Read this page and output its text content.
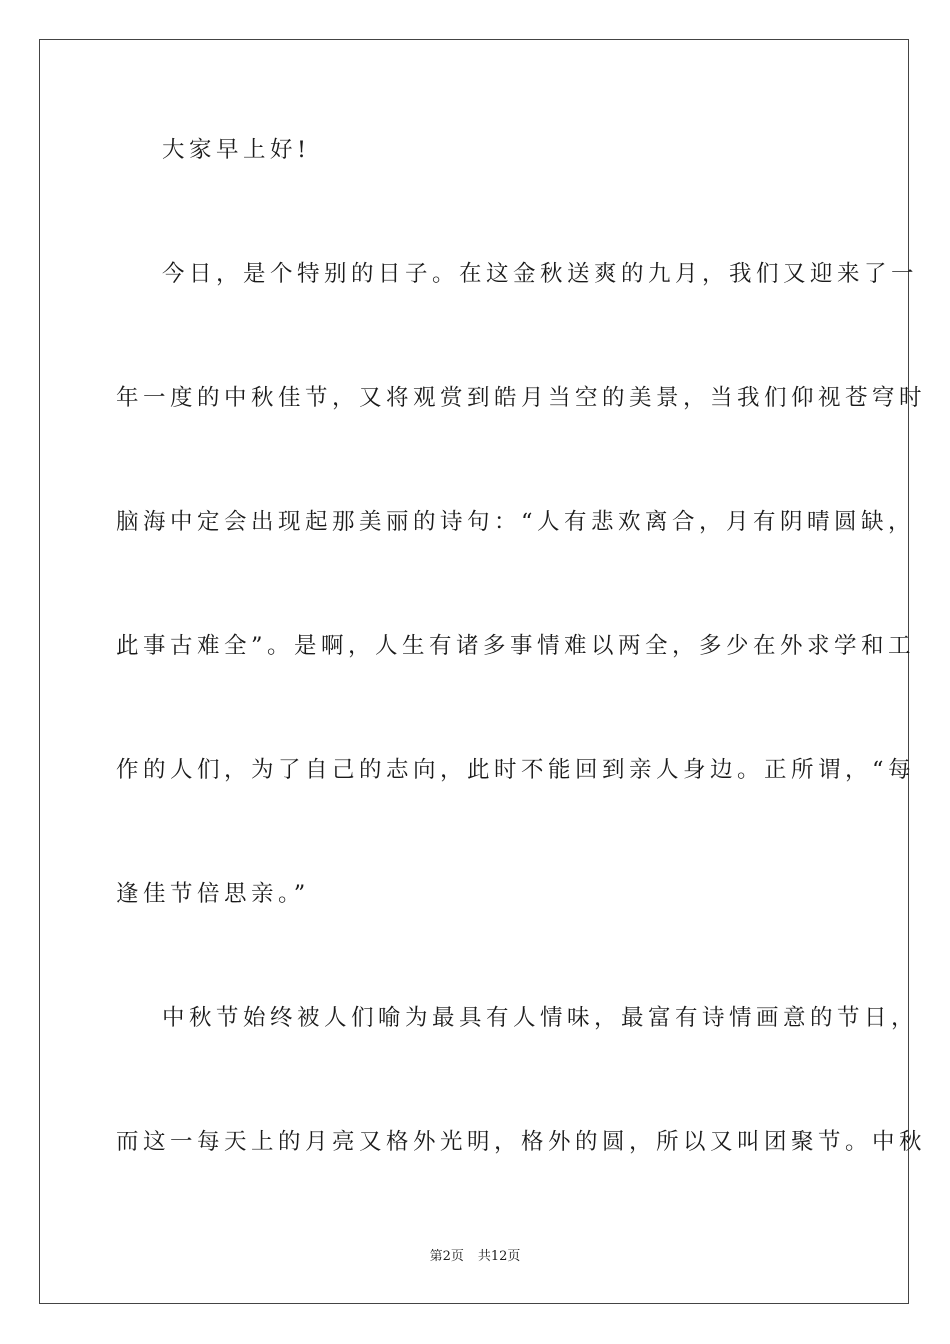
大家早上好!
今日，是个特别的日子。在这金秋送爽的九月，我们又迎来了一
年一度的中秋佳节，又将观赏到皓月当空的美景，当我们仰视苍穹时
脑海中定会出现起那美丽的诗句：“人有悲欢离合，月有阴晴圆缺，
此事古难全”。是啊，人生有诸多事情难以两全，多少在外求学和工
作的人们，为了自己的志向，此时不能回到亲人身边。正所谓，“每
逢佳节倍思亲。”
中秋节始终被人们喻为最具有人情味，最富有诗情画意的节日，
而这一每天上的月亮又格外光明，格外的圆，所以又叫团聚节。中秋
第2页 共12页
